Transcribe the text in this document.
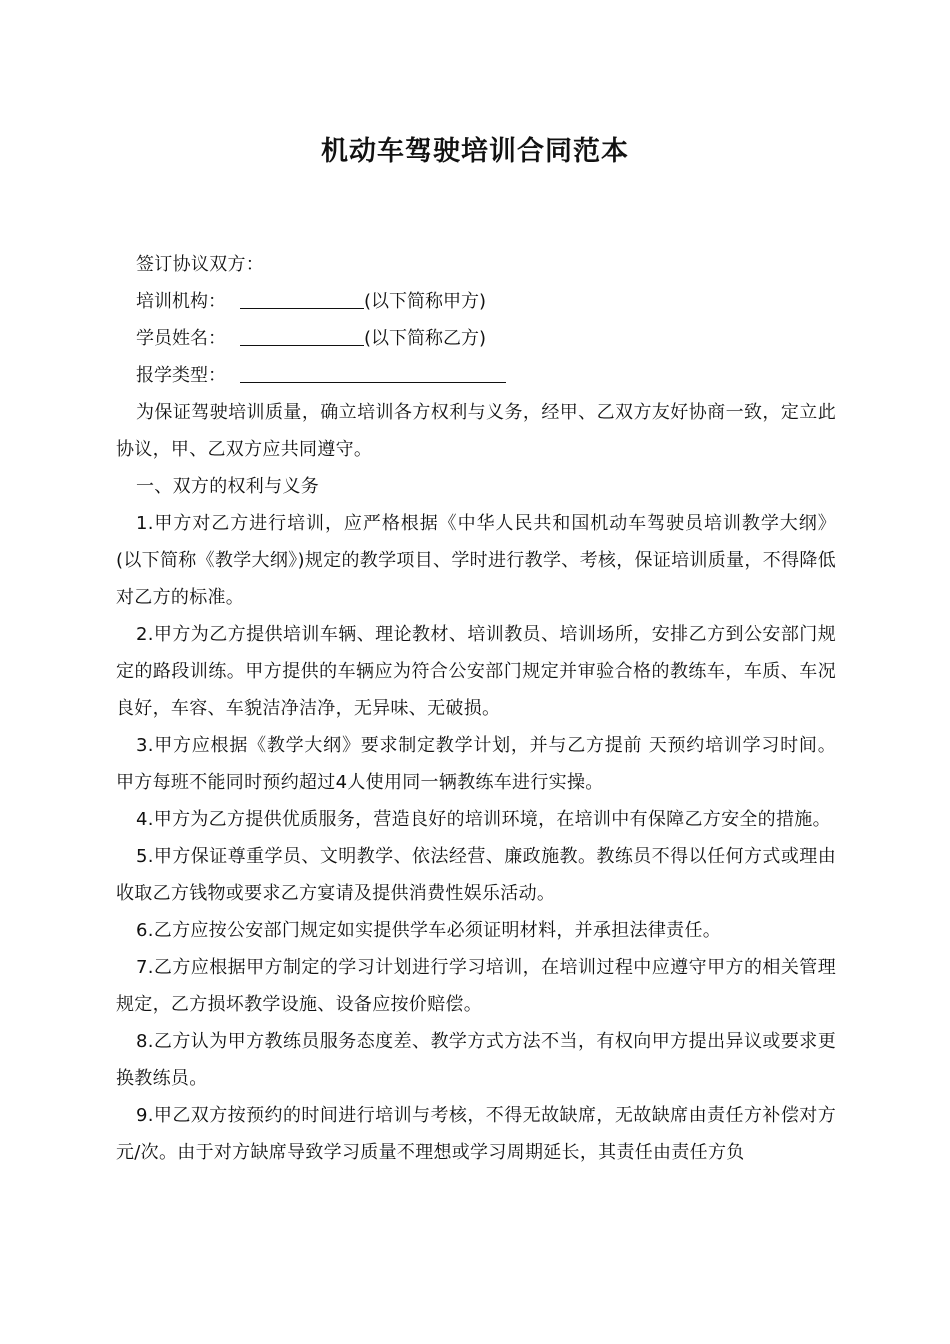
机动车驾驶培训合同范本

签订协议双方：

培训机构：	(以下简称甲方)
学员姓名：	(以下简称乙方)
报学类型：

为保证驾驶培训质量，确立培训各方权利与义务，经甲、乙双方友好协商一致，定立此协议，甲、乙双方应共同遵守。

一、双方的权利与义务

1.甲方对乙方进行培训，应严格根据《中华人民共和国机动车驾驶员培训教学大纲》(以下简称《教学大纲》)规定的教学项目、学时进行教学、考核，保证培训质量，不得降低对乙方的标准。

2.甲方为乙方提供培训车辆、理论教材、培训教员、培训场所，安排乙方到公安部门规定的路段训练。甲方提供的车辆应为符合公安部门规定并审验合格的教练车，车质、车况良好，车容、车貌洁净洁净，无异味、无破损。

3.甲方应根据《教学大纲》要求制定教学计划，并与乙方提前 天预约培训学习时间。甲方每班不能同时预约超过4人使用同一辆教练车进行实操。

4.甲方为乙方提供优质服务，营造良好的培训环境，在培训中有保障乙方安全的措施。

5.甲方保证尊重学员、文明教学、依法经营、廉政施教。教练员不得以任何方式或理由收取乙方钱物或要求乙方宴请及提供消费性娱乐活动。

6.乙方应按公安部门规定如实提供学车必须证明材料，并承担法律责任。

7.乙方应根据甲方制定的学习计划进行学习培训，在培训过程中应遵守甲方的相关管理规定，乙方损坏教学设施、设备应按价赔偿。

8.乙方认为甲方教练员服务态度差、教学方式方法不当，有权向甲方提出异议或要求更换教练员。

9.甲乙双方按预约的时间进行培训与考核，不得无故缺席，无故缺席由责任方补偿对方 元/次。由于对方缺席导致学习质量不理想或学习周期延长，其责任由责任方负
